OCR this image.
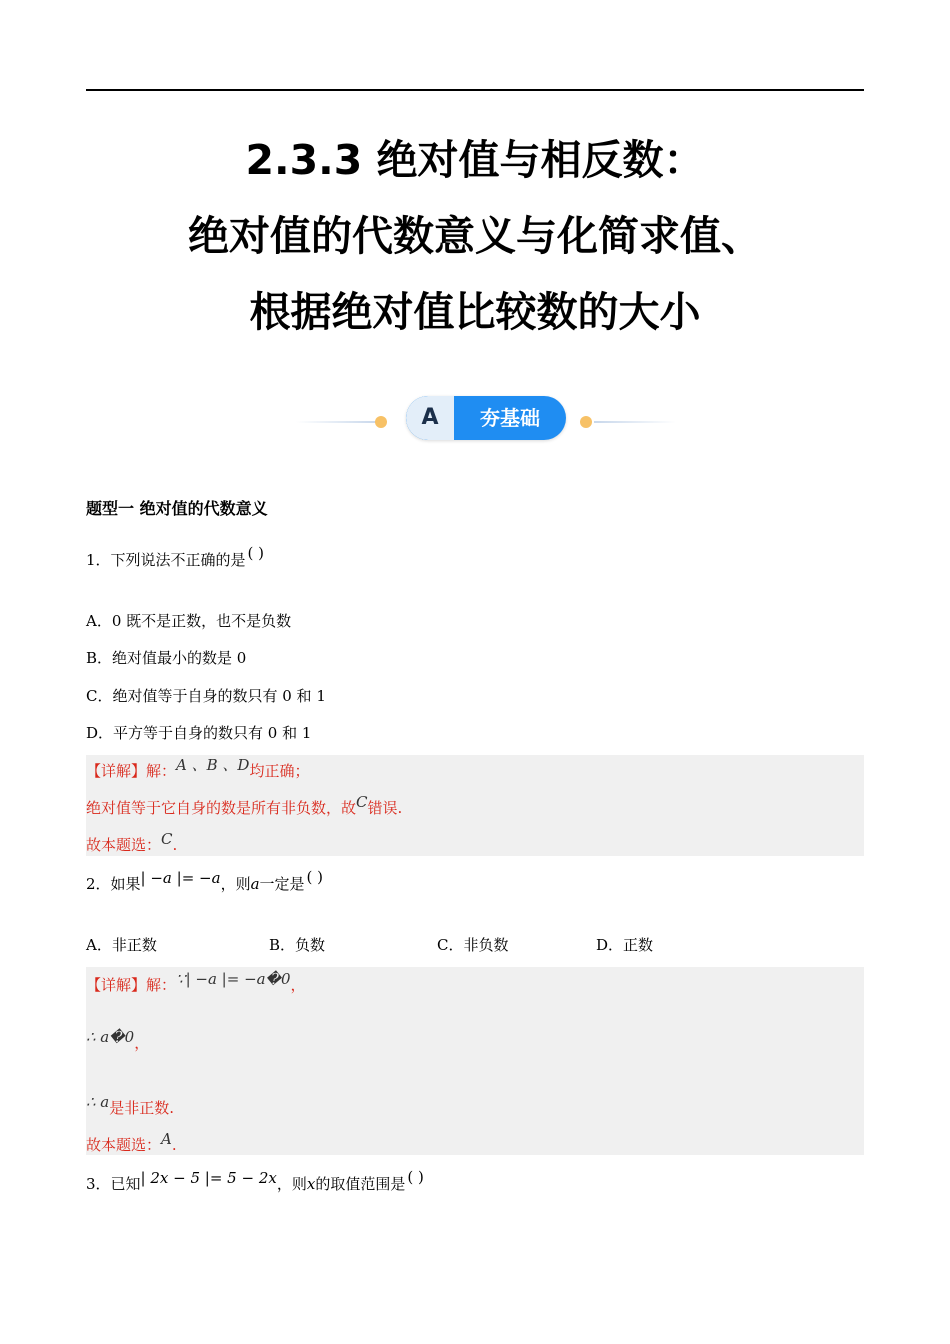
2.3.3 绝对值与相反数：
绝对值的代数意义与化简求值、
根据绝对值比较数的大小
A	夯基础
题型一 绝对值的代数意义
1．下列说法不正确的是 ( )
A．0 既不是正数，也不是负数
B．绝对值最小的数是 0
C．绝对值等于自身的数只有 0 和 1
D．平方等于自身的数只有 0 和 1
【详解】解：A 、B 、D均正确；
绝对值等于它自身的数是所有非负数，故C错误.
故本题选：C.
2．如果| −a |= −a，则a一定是 ( )
A．非正数	B．负数	C．非负数	D．正数
【详解】解：∵| −a |= −a�0，
∴ a�0，
∴ a是非正数.
故本题选：A.
3．已知| 2x − 5 |= 5 − 2x，则x的取值范围是 ( )
